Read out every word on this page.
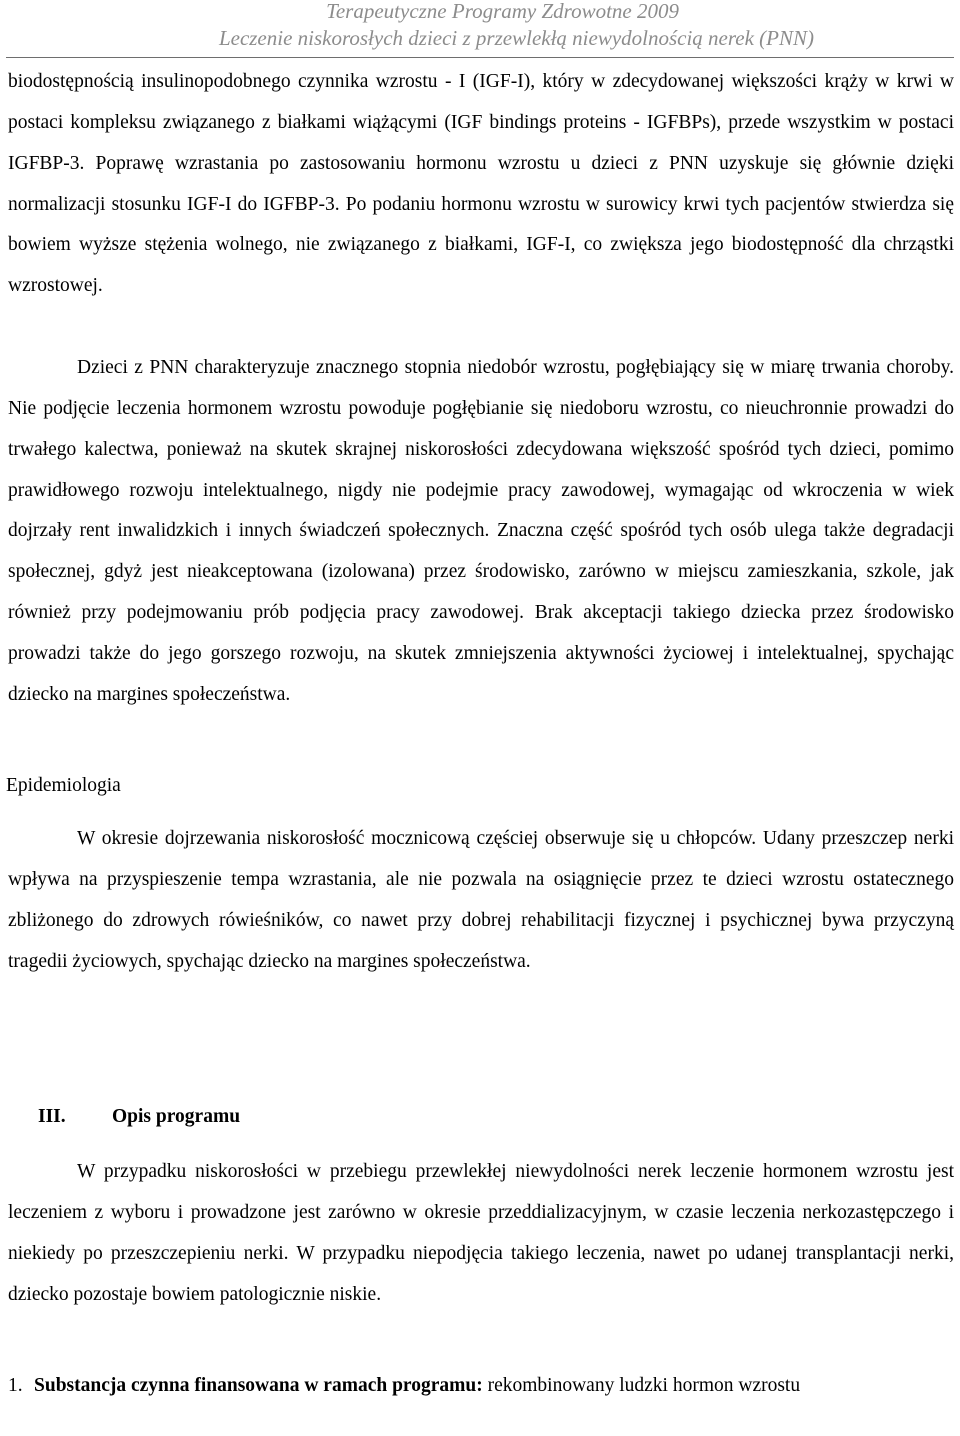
Terapeutyczne Programy Zdrowotne 2009
Leczenie niskorosłych dzieci z przewlekłą niewydolnością nerek (PNN)

biodostępnością insulinopodobnego czynnika wzrostu - I (IGF-I), który w zdecydowanej większości krąży w krwi w postaci kompleksu związanego z białkami wiążącymi (IGF bindings proteins - IGFBPs), przede wszystkim w postaci IGFBP-3. Poprawę wzrastania po zastosowaniu hormonu wzrostu u dzieci z PNN uzyskuje się głównie dzięki normalizacji stosunku IGF-I do IGFBP-3. Po podaniu hormonu wzrostu w surowicy krwi tych pacjentów stwierdza się bowiem wyższe stężenia wolnego, nie związanego z białkami, IGF-I, co zwiększa jego biodostępność dla chrząstki wzrostowej.

Dzieci z PNN charakteryzuje znacznego stopnia niedobór wzrostu, pogłębiający się w miarę trwania choroby. Nie podjęcie leczenia hormonem wzrostu powoduje pogłębianie się niedoboru wzrostu, co nieuchronnie prowadzi do trwałego kalectwa, ponieważ na skutek skrajnej niskorosłości zdecydowana większość spośród tych dzieci, pomimo prawidłowego rozwoju intelektualnego, nigdy nie podejmie pracy zawodowej, wymagając od wkroczenia w wiek dojrzały rent inwalidzkich i innych świadczeń społecznych. Znaczna część spośród tych osób ulega także degradacji społecznej, gdyż jest nieakceptowana (izolowana) przez środowisko, zarówno w miejscu zamieszkania, szkole, jak również przy podejmowaniu prób podjęcia pracy zawodowej. Brak akceptacji takiego dziecka przez środowisko prowadzi także do jego gorszego rozwoju, na skutek zmniejszenia aktywności życiowej i intelektualnej, spychając dziecko na margines społeczeństwa.

Epidemiologia

W okresie dojrzewania niskorosłość mocznicową częściej obserwuje się u chłopców. Udany przeszczep nerki wpływa na przyspieszenie tempa wzrastania, ale nie pozwala na osiągnięcie przez te dzieci wzrostu ostatecznego zbliżonego do zdrowych rówieśników, co nawet przy dobrej rehabilitacji fizycznej i psychicznej bywa przyczyną tragedii życiowych, spychając dziecko na margines społeczeństwa.

III. Opis programu

W przypadku niskorosłości w przebiegu przewlekłej niewydolności nerek leczenie hormonem wzrostu jest leczeniem z wyboru i prowadzone jest zarówno w okresie przeddializacyjnym, w czasie leczenia nerkozastępczego i niekiedy po przeszczepieniu nerki. W przypadku niepodjęcia takiego leczenia, nawet po udanej transplantacji nerki, dziecko pozostaje bowiem patologicznie niskie.

1. Substancja czynna finansowana w ramach programu: rekombinowany ludzki hormon wzrostu
